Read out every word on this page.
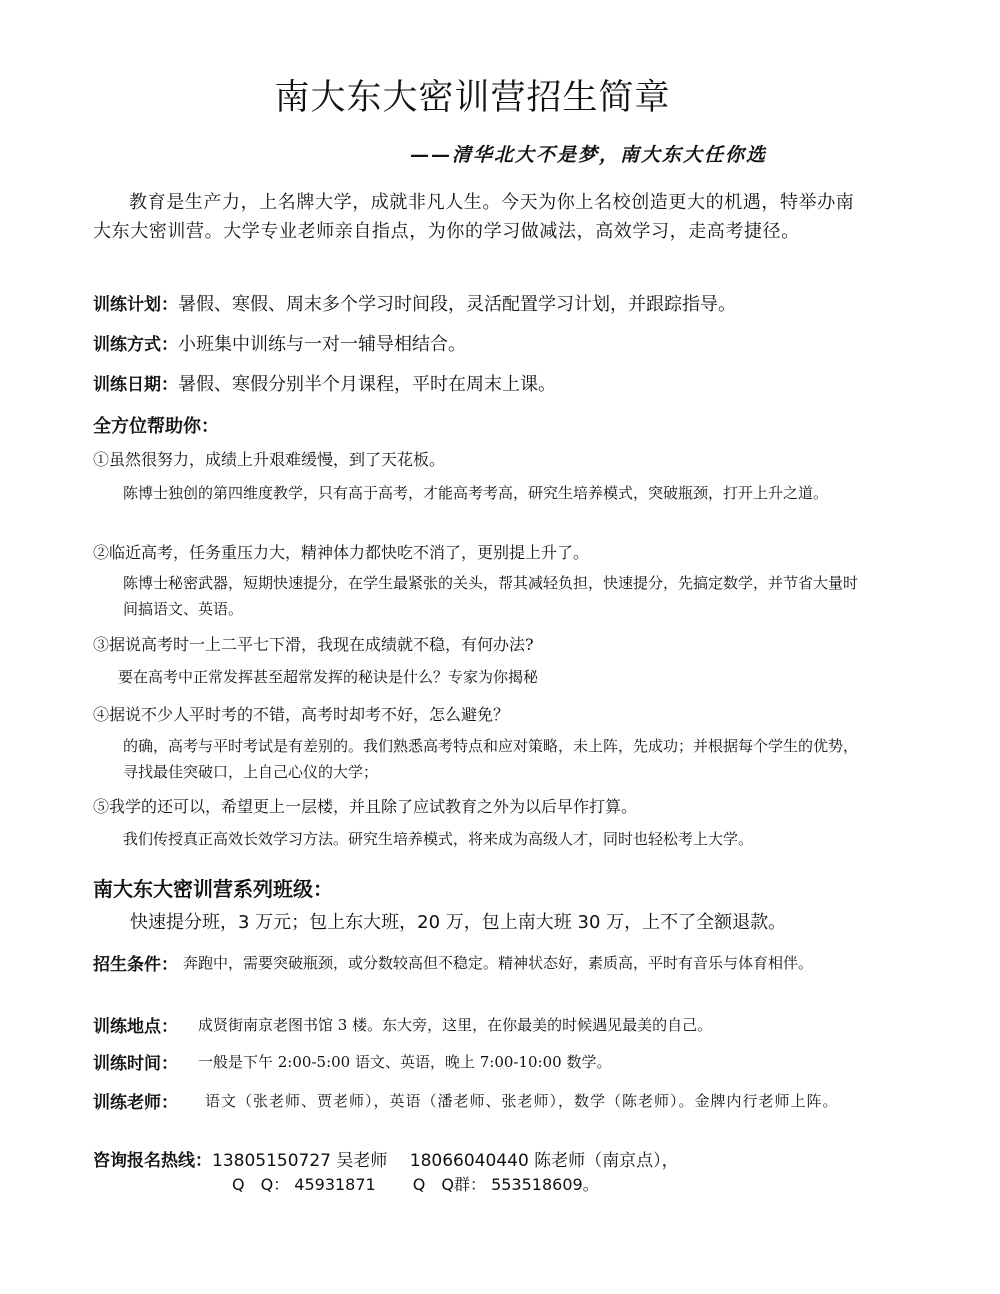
南大东大密训营招生简章
——清华北大不是梦，南大东大任你选
教育是生产力，上名牌大学，成就非凡人生。今天为你上名校创造更大的机遇，特举办南大东大密训营。大学专业老师亲自指点，为你的学习做减法，高效学习，走高考捷径。
训练计划：暑假、寒假、周末多个学习时间段，灵活配置学习计划，并跟踪指导。
训练方式：小班集中训练与一对一辅导相结合。
训练日期：暑假、寒假分别半个月课程，平时在周末上课。
全方位帮助你：
①虽然很努力，成绩上升艰难缓慢，到了天花板。
陈博士独创的第四维度教学，只有高于高考，才能高考考高，研究生培养模式，突破瓶颈，打开上升之道。
②临近高考，任务重压力大，精神体力都快吃不消了，更别提上升了。
陈博士秘密武器，短期快速提分，在学生最紧张的关头，帮其减轻负担，快速提分，先搞定数学，并节省大量时间搞语文、英语。
③据说高考时一上二平七下滑，我现在成绩就不稳，有何办法?
要在高考中正常发挥甚至超常发挥的秘诀是什么？专家为你揭秘
④据说不少人平时考的不错，高考时却考不好，怎么避免？
的确，高考与平时考试是有差别的。我们熟悉高考特点和应对策略，未上阵，先成功；并根据每个学生的优势，寻找最佳突破口，上自己心仪的大学；
⑤我学的还可以，希望更上一层楼，并且除了应试教育之外为以后早作打算。
我们传授真正高效长效学习方法。研究生培养模式，将来成为高级人才，同时也轻松考上大学。
南大东大密训营系列班级：
快速提分班，3 万元；包上东大班，20 万，包上南大班 30 万，上不了全额退款。
招生条件： 奔跑中，需要突破瓶颈，或分数较高但不稳定。精神状态好，素质高，平时有音乐与体育相伴。
训练地点： 成贤街南京老图书馆 3 楼。东大旁，这里，在你最美的时候遇见最美的自己。
训练时间： 一般是下午 2:00-5:00 语文、英语，晚上 7:00-10:00 数学。
训练老师： 语文（张老师、贾老师），英语（潘老师、张老师），数学（陈老师）。金牌内行老师上阵。
咨询报名热线：13805150727 吴老师　 18066040440 陈老师（南京点），
Q　Q： 45931871　　 Q　Q群： 553518609。
